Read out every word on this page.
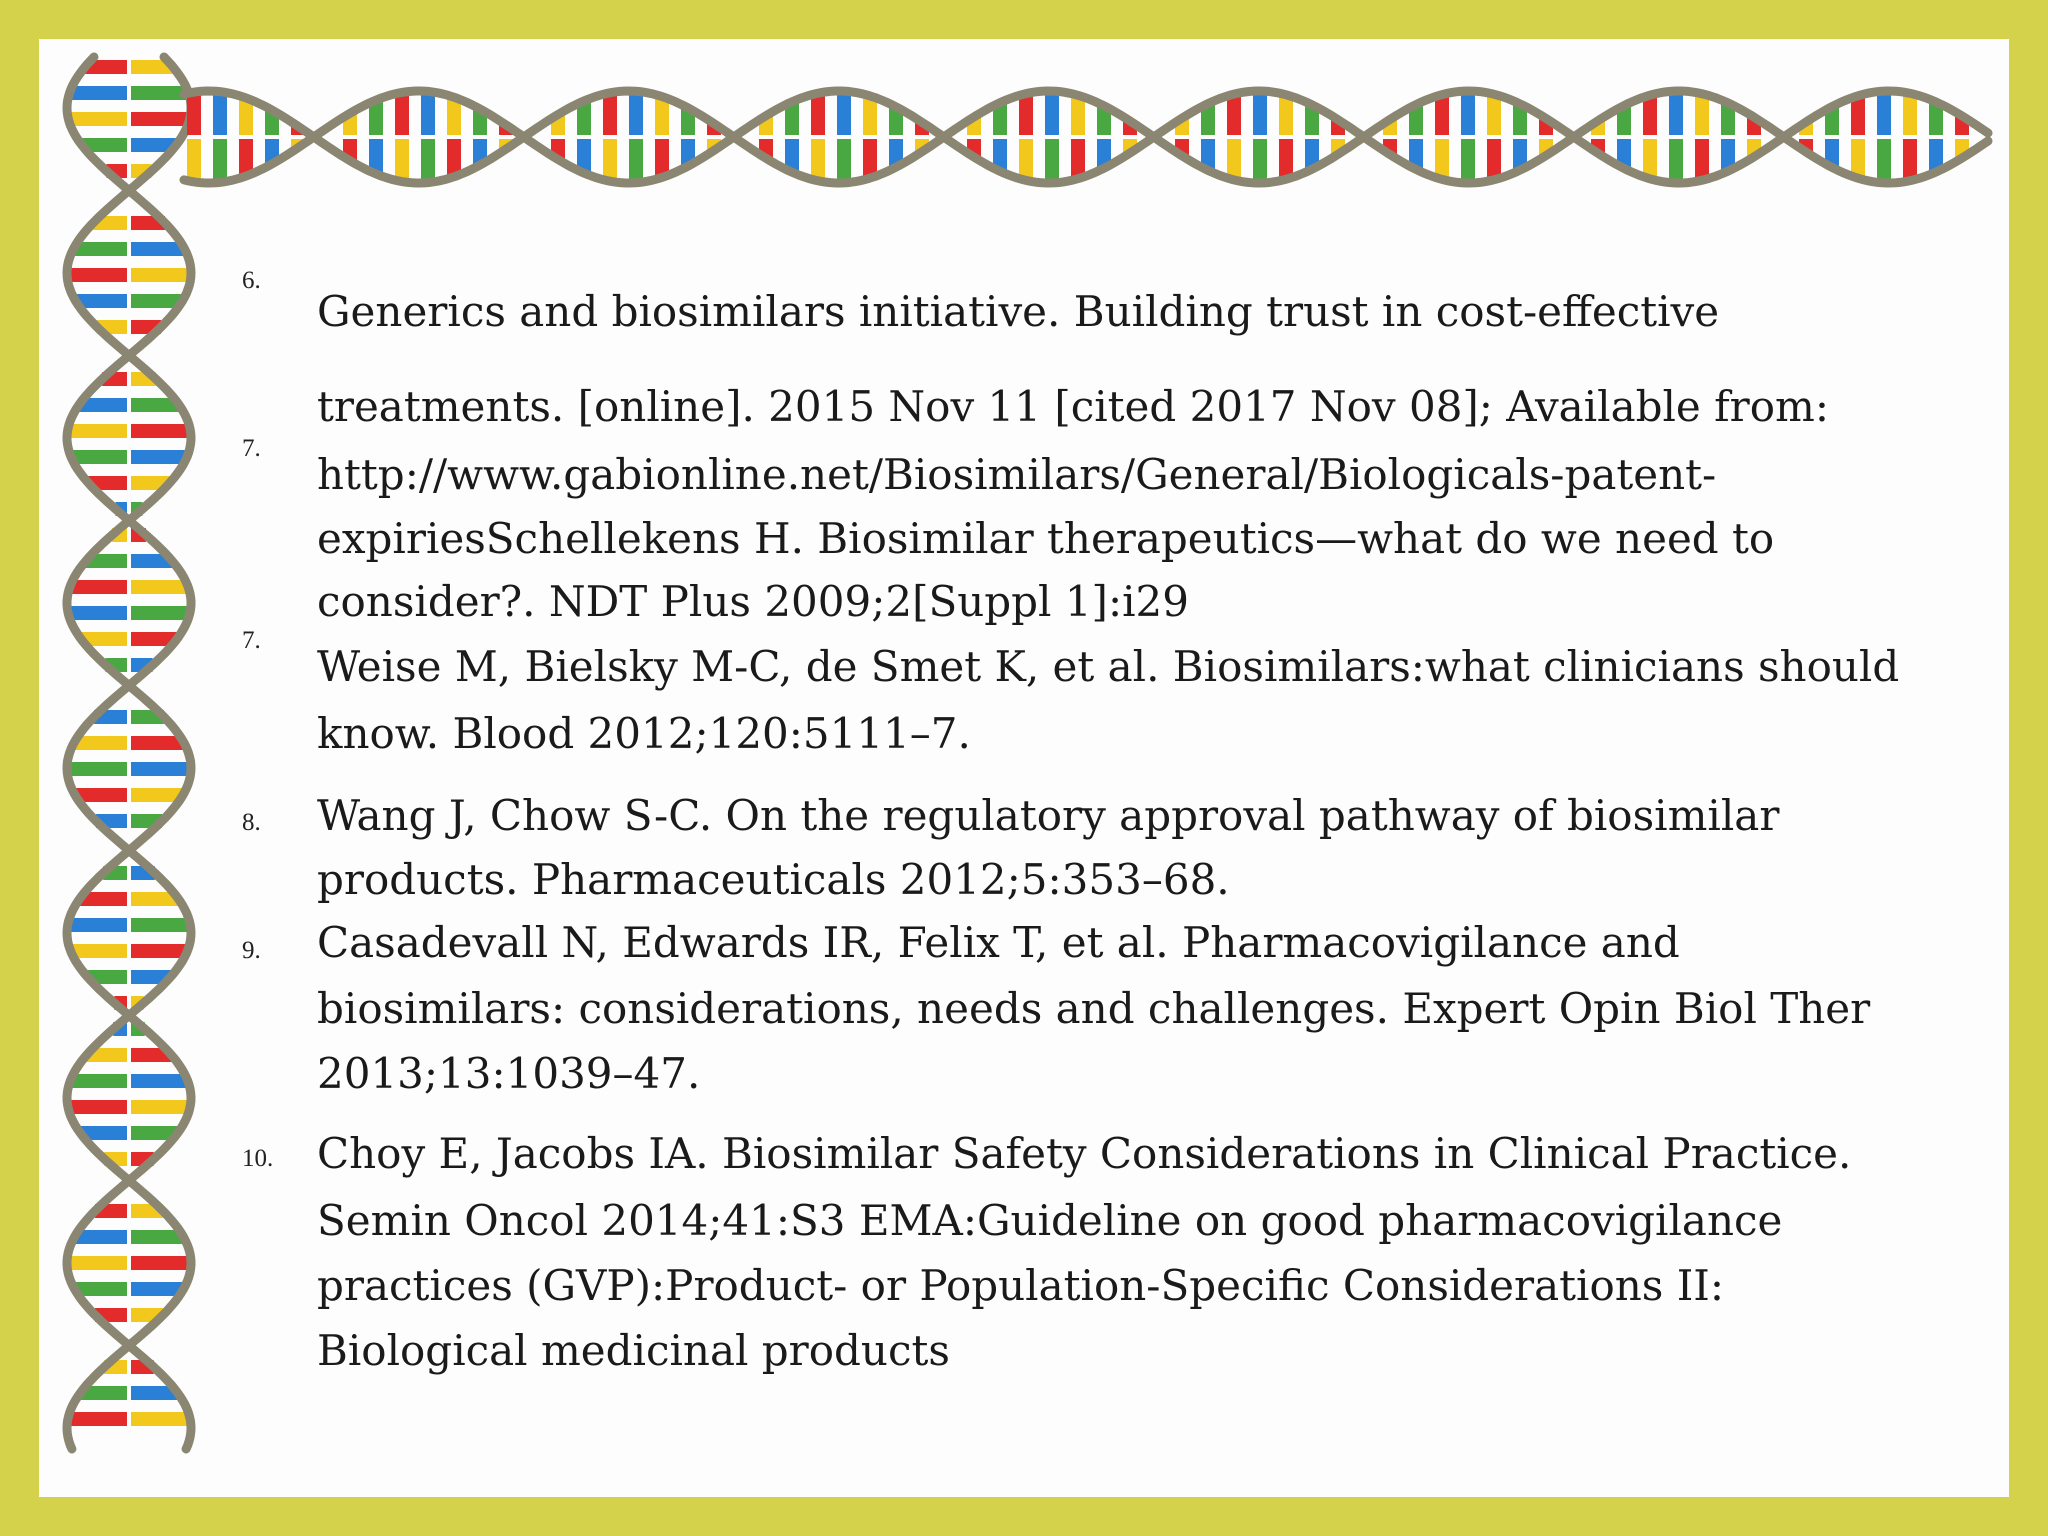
6.
Generics and biosimilars initiative. Building trust in cost-effective
treatments. [online]. 2015 Nov 11 [cited 2017 Nov 08]; Available from:
7.
http://www.gabionline.net/Biosimilars/General/Biologicals-patent-
expiriesSchellekens H. Biosimilar therapeutics—what do we need to
consider?. NDT Plus 2009;2[Suppl 1]:i29
7.
Weise M, Bielsky M-C, de Smet K, et al. Biosimilars:what clinicians should
know. Blood 2012;120:5111–7.
8. Wang J, Chow S-C. On the regulatory approval pathway of biosimilar
products. Pharmaceuticals 2012;5:353–68.
9. Casadevall N, Edwards IR, Felix T, et al. Pharmacovigilance and
biosimilars: considerations, needs and challenges. Expert Opin Biol Ther
2013;13:1039–47.
10. Choy E, Jacobs IA. Biosimilar Safety Considerations in Clinical Practice.
Semin Oncol 2014;41:S3 EMA:Guideline on good pharmacovigilance
practices (GVP):Product- or Population-Specific Considerations II:
Biological medicinal products
